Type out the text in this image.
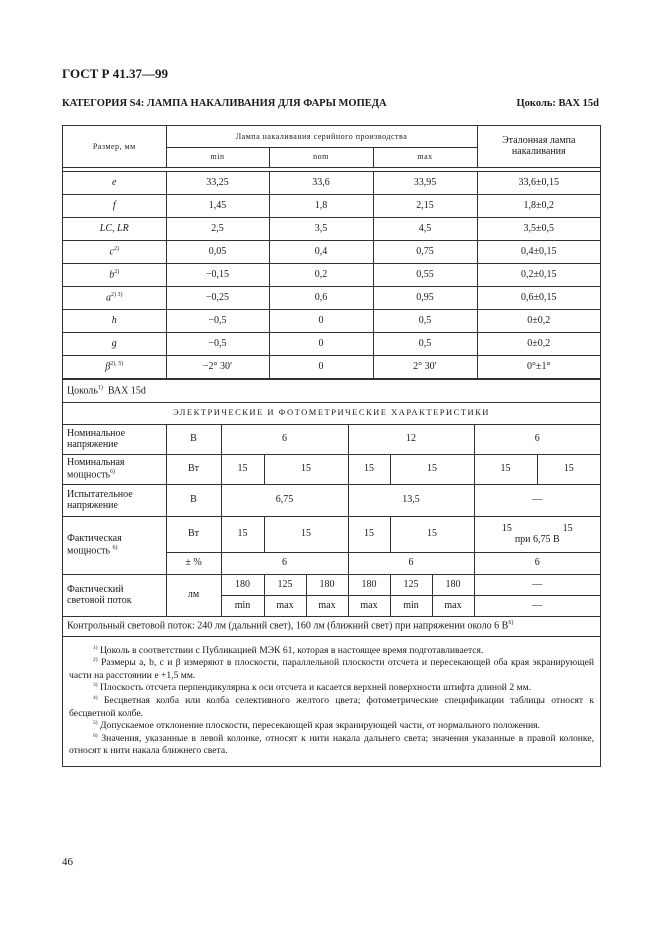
ГОСТ Р 41.37—99
КАТЕГОРИЯ S4: ЛАМПА НАКАЛИВАНИЯ ДЛЯ ФАРЫ МОПЕДА	Цоколь: ВАХ 15d
Размер, мм	Лампа накаливания серийного производства			Эталонная лампа накаливания
	min	nom	max	

e	33,25	33,6	33,95	33,6±0,15
f	1,45	1,8	2,15	1,8±0,2
LC, LR	2,5	3,5	4,5	3,5±0,5
$c^{2)}$	0,05	0,4	0,75	0,4±0,15
$b^{2)}$	−0,15	0,2	0,55	0,2±0,15
$a^{2) 3)}$	−0,25	0,6	0,95	0,6±0,15
h	−0,5	0	0,5	0±0,2
g	−0,5	0	0,5	0±0,2
$\beta^{2), 5)}$	−2° 30′	0	2° 30′	0°±1°
Цоколь$^{1)}$ ВАХ 15d									
ЭЛЕКТРИЧЕСКИЕ И ФОТОМЕТРИЧЕСКИЕ ХАРАКТЕРИСТИКИ									
Номинальное напряжение	В	6			12			6	
Номинальная мощность$^{6)}$	Вт	15	15		15	15		15	15
Испытательное напряжение	В	6,75			13,5			—	
Фактическая мощность $^{6)}$	Вт	15	15		15	15		15 15
при 6,75 В	

	± %	6			6			6	
Фактический световой поток	лм	180	125	180	180	125	180	—	
		min	max	max	max	min	max	—	
Контрольный световой поток: 240 лм (дальний свет), 160 лм (ближний свет) при напряжении около 6 $В^{6)}$

$^{1)}$ Цоколь в соответствии с Публикацией МЭК 61, которая в настоящее время подготавливается.

$^{2)}$ Размеры a, b, c и β измеряют в плоскости, параллельной плоскости отсчета и пересекающей оба края экранирующей части на расстоянии e +1,5 мм.

$^{3)}$ Плоскость отсчета перпендикулярна к оси отсчета и касается верхней поверхности штифта длиной 2 мм.

$^{4)}$ Бесцветная колба или колба селективного желтого цвета; фотометрические спецификации таблицы относят к бесцветной колбе.

$^{5)}$ Допускаемое отклонение плоскости, пересекающей края экранирующей части, от нормального положения.

$^{6)}$ Значения, указанные в левой колонке, относят к нити накала дальнего света; значения указанные в правой колонке, относят к нити накала ближнего света.

46
